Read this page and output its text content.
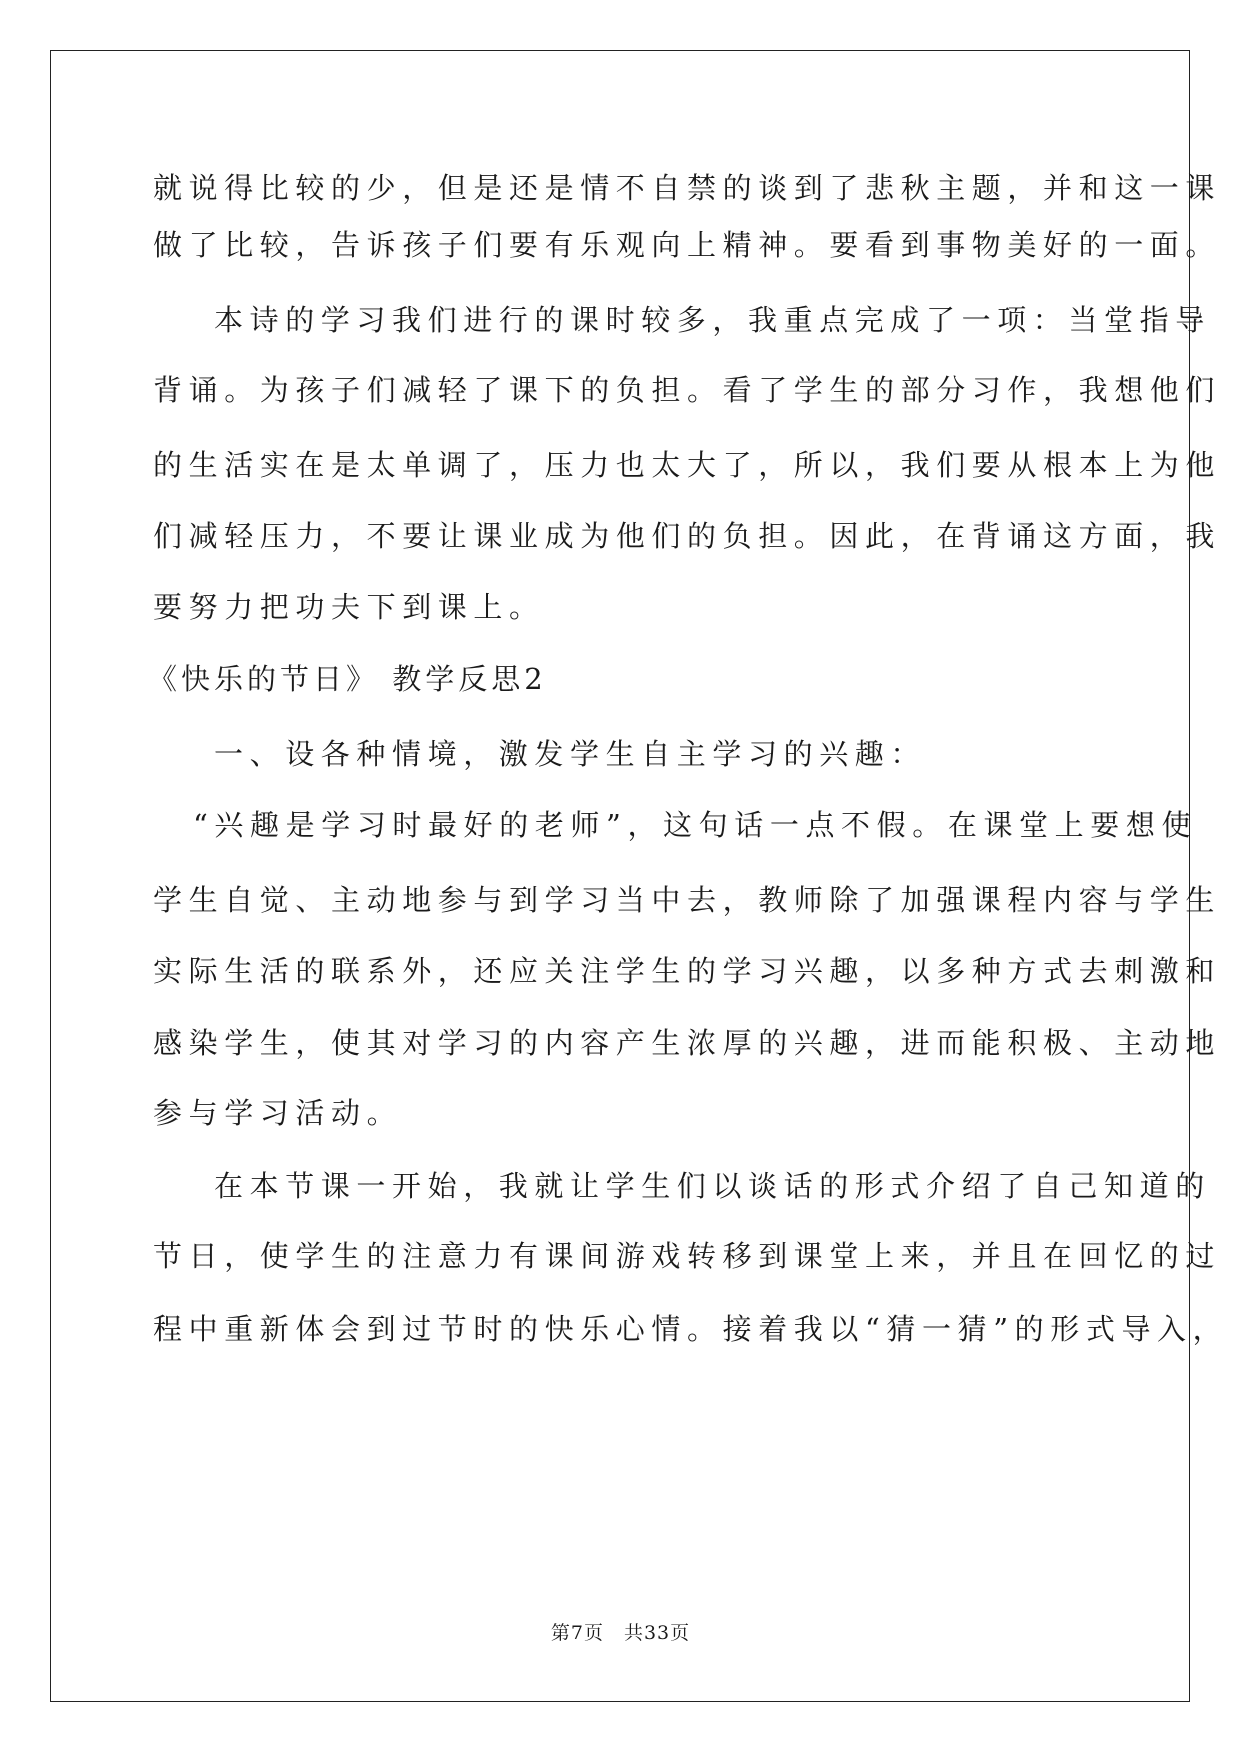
就说得比较的少，但是还是情不自禁的谈到了悲秋主题，并和这一课
做了比较，告诉孩子们要有乐观向上精神。要看到事物美好的一面。
本诗的学习我们进行的课时较多，我重点完成了一项：当堂指导
背诵。为孩子们减轻了课下的负担。看了学生的部分习作，我想他们
的生活实在是太单调了，压力也太大了，所以，我们要从根本上为他
们减轻压力，不要让课业成为他们的负担。因此，在背诵这方面，我
要努力把功夫下到课上。
《快乐的节日》 教学反思2
一、设各种情境，激发学生自主学习的兴趣：
“兴趣是学习时最好的老师”，这句话一点不假。在课堂上要想使
学生自觉、主动地参与到学习当中去，教师除了加强课程内容与学生
实际生活的联系外，还应关注学生的学习兴趣，以多种方式去刺激和
感染学生，使其对学习的内容产生浓厚的兴趣，进而能积极、主动地
参与学习活动。
在本节课一开始，我就让学生们以谈话的形式介绍了自己知道的
节日，使学生的注意力有课间游戏转移到课堂上来，并且在回忆的过
程中重新体会到过节时的快乐心情。接着我以“猜一猜”的形式导入，
第7页　共33页
